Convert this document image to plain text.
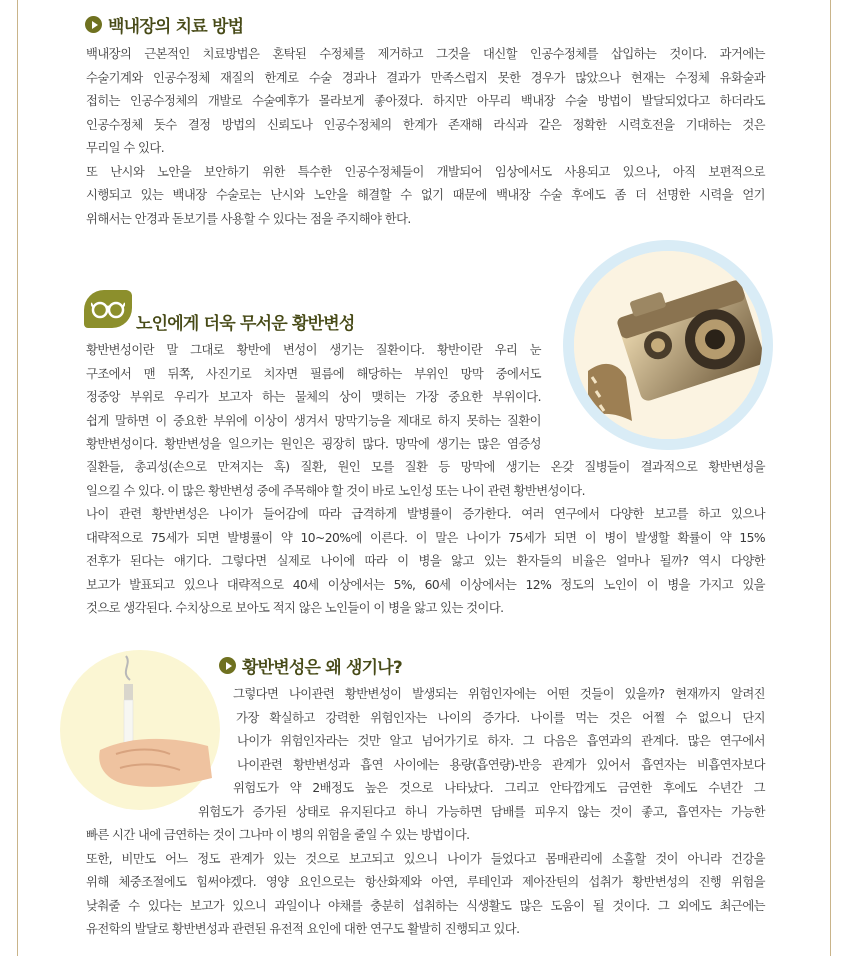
백내장의 치료 방법
백내장의 근본적인 치료방법은 혼탁된 수정체를 제거하고 그것을 대신할 인공수정체를 삽입하는 것이다. 과거에는
수술기계와 인공수정체 재질의 한계로 수술 경과나 결과가 만족스럽지 못한 경우가 많았으나 현재는 수정체 유화술과
접히는 인공수정체의 개발로 수술예후가 몰라보게 좋아졌다. 하지만 아무리 백내장 수술 방법이 발달되었다고 하더라도
인공수정체 돗수 결정 방법의 신뢰도나 인공수정체의 한계가 존재해 라식과 같은 정확한 시력호전을 기대하는 것은
무리일 수 있다.
또 난시와 노안을 보안하기 위한 특수한 인공수정체들이 개발되어 임상에서도 사용되고 있으나, 아직 보편적으로
시행되고 있는 백내장 수술로는 난시와 노안을 해결할 수 없기 때문에 백내장 수술 후에도 좀 더 선명한 시력을 얻기
위해서는 안경과 돋보기를 사용할 수 있다는 점을 주지해야 한다.
노인에게 더욱 무서운 황반변성
황반변성이란 말 그대로 황반에 변성이 생기는 질환이다. 황반이란 우리 눈
구조에서 맨 뒤쪽, 사진기로 치자면 필름에 해당하는 부위인 망막 중에서도
정중앙 부위로 우리가 보고자 하는 물체의 상이 맺히는 가장 중요한 부위이다.
쉽게 말하면 이 중요한 부위에 이상이 생겨서 망막기능을 제대로 하지 못하는 질환이
황반변성이다. 황반변성을 일으키는 원인은 굉장히 많다. 망막에 생기는 많은 염증성
질환들, 총괴성(손으로 만져지는 혹) 질환, 원인 모를 질환 등 망막에 생기는 온갖 질병들이 결과적으로 황반변성을
일으킬 수 있다. 이 많은 황반변성 중에 주목해야 할 것이 바로 노인성 또는 나이 관련 황반변성이다.
나이 관련 황반변성은 나이가 들어감에 따라 급격하게 발병률이 증가한다. 여러 연구에서 다양한 보고를 하고 있으나
대략적으로 75세가 되면 발병률이 약 10~20%에 이른다. 이 말은 나이가 75세가 되면 이 병이 발생할 확률이 약 15%
전후가 된다는 얘기다. 그렇다면 실제로 나이에 따라 이 병을 앓고 있는 환자들의 비율은 얼마나 될까? 역시 다양한
보고가 발표되고 있으나 대략적으로 40세 이상에서는 5%, 60세 이상에서는 12% 정도의 노인이 이 병을 가지고 있을
것으로 생각된다. 수치상으로 보아도 적지 않은 노인들이 이 병을 앓고 있는 것이다.
황반변성은 왜 생기나?
그렇다면 나이관련 황반변성이 발생되는 위험인자에는 어떤 것들이 있을까? 현재까지 알려진
가장 확실하고 강력한 위험인자는 나이의 증가다. 나이를 먹는 것은 어쩔 수 없으니 단지
나이가 위험인자라는 것만 알고 넘어가기로 하자. 그 다음은 흡연과의 관계다. 많은 연구에서
나이관련 황반변성과 흡연 사이에는 용량(흡연량)-반응 관계가 있어서 흡연자는 비흡연자보다
위험도가 약 2배정도 높은 것으로 나타났다. 그리고 안타깝게도 금연한 후에도 수년간 그
위험도가 증가된 상태로 유지된다고 하니 가능하면 담배를 피우지 않는 것이 좋고, 흡연자는 가능한
빠른 시간 내에 금연하는 것이 그나마 이 병의 위험을 줄일 수 있는 방법이다.
또한, 비만도 어느 정도 관계가 있는 것으로 보고되고 있으니 나이가 들었다고 몸매관리에 소홀할 것이 아니라 건강을
위해 체중조절에도 힘써야겠다. 영양 요인으로는 항산화제와 아연, 루테인과 제아잔틴의 섭취가 황반변성의 진행 위험을
낮춰줄 수 있다는 보고가 있으니 과일이나 야채를 충분히 섭취하는 식생활도 많은 도움이 될 것이다. 그 외에도 최근에는
유전학의 발달로 황반변성과 관련된 유전적 요인에 대한 연구도 활발히 진행되고 있다.
